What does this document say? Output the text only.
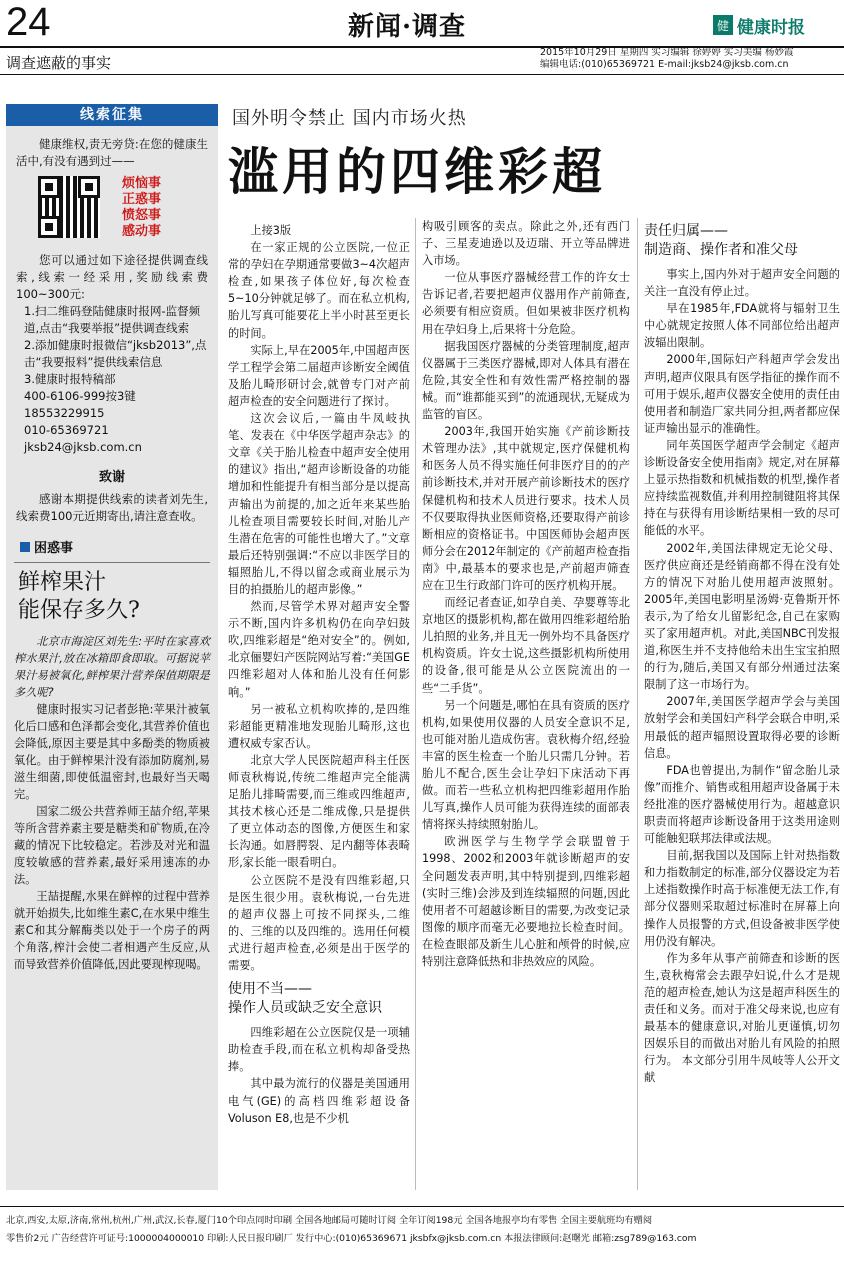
24	新闻·调查	健 健康时报
调查遮蔽的事实
2015年10月29日 星期四 实习编辑 徐婷婷 实习美编 杨妙霞
编辑电话:(010)65369721 E-mail:jksb24@jksb.com.cn
线索征集

健康维权,责无旁贷:在您的健康生活中,有没有遇到过——

烦恼事
正惑事
愤怒事
感动事

您可以通过如下途径提供调查线索,线索一经采用,奖励线索费100~300元:

1.扫二维码登陆健康时报网-监督频道,点击“我要举报”提供调查线索

2.添加健康时报微信“jksb2013”,点击“我要报料”提供线索信息

3.健康时报特稿部

400-6106-999按3键

18553229915

010-65369721

jksb24@jksb.com.cn

致谢

感谢本期提供线索的读者刘先生,线索费100元近期寄出,请注意查收。

困惑事
鲜榨果汁
能保存多久?

北京市海淀区刘先生:平时在家喜欢榨水果汁,放在冰箱即食即取。可据说苹果汁易被氧化,鲜榨果汁营养保值期限是多久呢?

健康时报实习记者彭艳:苹果汁被氧化后口感和色泽都会变化,其营养价值也会降低,原因主要是其中多酚类的物质被氧化。由于鲜榨果汁没有添加防腐剂,易滋生细菌,即使低温密封,也最好当天喝完。

国家二级公共营养师王喆介绍,苹果等所含营养素主要是糖类和矿物质,在冷藏的情况下比较稳定。若涉及对光和温度较敏感的营养素,最好采用速冻的办法。

王喆提醒,水果在鲜榨的过程中营养就开始损失,比如维生素C,在水果中维生素C和其分解酶类以处于一个房子的两个角落,榨汁会使二者相遇产生反应,从而导致营养价值降低,因此要现榨现喝。

国外明令禁止 国内市场火热
滥用的四维彩超

上接3版

在一家正规的公立医院,一位正常的孕妇在孕期通常要做3~4次超声检查,如果孩子体位好,每次检查5~10分钟就足够了。而在私立机构,胎儿写真可能要花上半小时甚至更长的时间。

实际上,早在2005年,中国超声医学工程学会第二届超声诊断安全阈值及胎儿畸形研讨会,就曾专门对产前超声检查的安全问题进行了探讨。

这次会议后,一篇由牛凤岐执笔、发表在《中华医学超声杂志》的文章《关于胎儿检查中超声安全使用的建议》指出,“超声诊断设备的功能增加和性能提升有相当部分是以提高声输出为前提的,加之近年来某些胎儿检查项目需要较长时间,对胎儿产生潜在危害的可能性也增大了。”文章最后还特别强调:“不应以非医学目的辐照胎儿,不得以留念或商业展示为目的拍摄胎儿的超声影像。”

然而,尽管学术界对超声安全警示不断,国内许多机构仍在向孕妇鼓吹,四维彩超是“绝对安全”的。例如,北京俪婴妇产医院网站写着:“美国GE四维彩超对人体和胎儿没有任何影响。”

另一被私立机构吹捧的,是四维彩超能更精准地发现胎儿畸形,这也遭权威专家否认。

北京大学人民医院超声科主任医师袁秋梅说,传统二维超声完全能满足胎儿排畸需要,而三维或四维超声,其技术核心还是二维成像,只是提供了更立体动态的图像,方便医生和家长沟通。如唇腭裂、足内翻等体表畸形,家长能一眼看明白。

公立医院不是没有四维彩超,只是医生很少用。袁秋梅说,一台先进的超声仪器上可按不同探头,二维的、三维的以及四维的。选用任何模式进行超声检查,必须是出于医学的需要。

使用不当——
操作人员或缺乏安全意识

四维彩超在公立医院仅是一项辅助检查手段,而在私立机构却备受热捧。

其中最为流行的仪器是美国通用电气(GE)的高档四维彩超设备Voluson E8,也是不少机

构吸引顾客的卖点。除此之外,还有西门子、三星麦迪逊以及迈瑞、开立等品牌进入市场。

一位从事医疗器械经营工作的许女士告诉记者,若要把超声仪器用作产前筛查,必须要有相应资质。但如果被非医疗机构用在孕妇身上,后果将十分危险。

据我国医疗器械的分类管理制度,超声仪器属于三类医疗器械,即对人体具有潜在危险,其安全性和有效性需严格控制的器械。而“谁都能买到”的流通现状,无疑成为监管的盲区。

2003年,我国开始实施《产前诊断技术管理办法》,其中就规定,医疗保健机构和医务人员不得实施任何非医疗目的的产前诊断技术,并对开展产前诊断技术的医疗保健机构和技术人员进行要求。技术人员不仅要取得执业医师资格,还要取得产前诊断相应的资格证书。中国医师协会超声医师分会在2012年制定的《产前超声检查指南》中,最基本的要求也是,产前超声筛查应在卫生行政部门许可的医疗机构开展。

而经记者查证,如孕自美、孕婴尊等北京地区的摄影机构,都在做用四维彩超给胎儿拍照的业务,并且无一例外均不具备医疗机构资质。许女士说,这些摄影机构所使用的设备,很可能是从公立医院流出的一些“二手货”。

另一个问题是,哪怕在具有资质的医疗机构,如果使用仪器的人员安全意识不足,也可能对胎儿造成伤害。袁秋梅介绍,经验丰富的医生检查一个胎儿只需几分钟。若胎儿不配合,医生会让孕妇下床活动下再做。而若一些私立机构把四维彩超用作胎儿写真,操作人员可能为获得连续的面部表情将探头持续照射胎儿。

欧洲医学与生物学学会联盟曾于1998、2002和2003年就诊断超声的安全问题发表声明,其中特别提到,四维彩超(实时三维)会涉及到连续辐照的问题,因此使用者不可超越诊断目的需要,为改变记录图像的顺序而毫无必要地拉长检查时间。在检查眼部及新生儿心脏和颅骨的时候,应特别注意降低热和非热效应的风险。

责任归属——
制造商、操作者和准父母

事实上,国内外对于超声安全问题的关注一直没有停止过。

早在1985年,FDA就将与辐射卫生中心就规定按照人体不同部位给出超声波辐出限制。

2000年,国际妇产科超声学会发出声明,超声仪限具有医学指征的操作而不可用于娱乐,超声仪器安全使用的责任由使用者和制造厂家共同分担,两者都应保证声输出显示的准确性。

同年英国医学超声学会制定《超声诊断设备安全使用指南》规定,对在屏幕上显示热指数和机械指数的机型,操作者应持续监视数值,并利用控制键阻将其保持在与获得有用诊断结果相一致的尽可能低的水平。

2002年,美国法律规定无论父母、医疗供应商还是经销商都不得在没有处方的情况下对胎儿使用超声波照射。2005年,美国电影明星汤姆·克鲁斯开怀表示,为了给女儿留影纪念,自己在家购买了家用超声机。对此,美国NBC刊发报道,称医生并不支持他给未出生宝宝拍照的行为,随后,美国又有部分州通过法案限制了这一市场行为。

2007年,美国医学超声学会与美国放射学会和美国妇产科学会联合申明,采用最低的超声辐照设置取得必要的诊断信息。

FDA也曾提出,为制作“留念胎儿录像”而推介、销售或租用超声设备属于未经批准的医疗器械使用行为。超越意识职责而将超声诊断设备用于这类用途则可能触犯联邦法律或法规。

目前,据我国以及国际上针对热指数和力指数制定的标准,部分仪器设定为若上述指数操作时高于标准便无法工作,有部分仪器则采取超过标准时在屏幕上向操作人员报警的方式,但设备被非医学使用仍没有解决。

作为多年从事产前筛查和诊断的医生,袁秋梅常会去跟孕妇说,什么才是规范的超声检查,她认为这是超声科医生的责任和义务。而对于准父母来说,也应有最基本的健康意识,对胎儿更谨慎,切勿因娱乐目的而做出对胎儿有风险的拍照行为。 本文部分引用牛凤岐等人公开文献

北京,西安,太原,济南,常州,杭州,广州,武汉,长春,厦门10个印点同时印刷 全国各地邮局可随时订阅 全年订阅198元 全国各地报亭均有零售 全国主要航班均有赠阅
零售价2元 广告经营许可证号:1000004000010 印刷:人民日报印刷厂 发行中心:(010)65369671 jksbfx@jksb.com.cn 本报法律顾问:赵曙光 邮箱:zsg789@163.com
